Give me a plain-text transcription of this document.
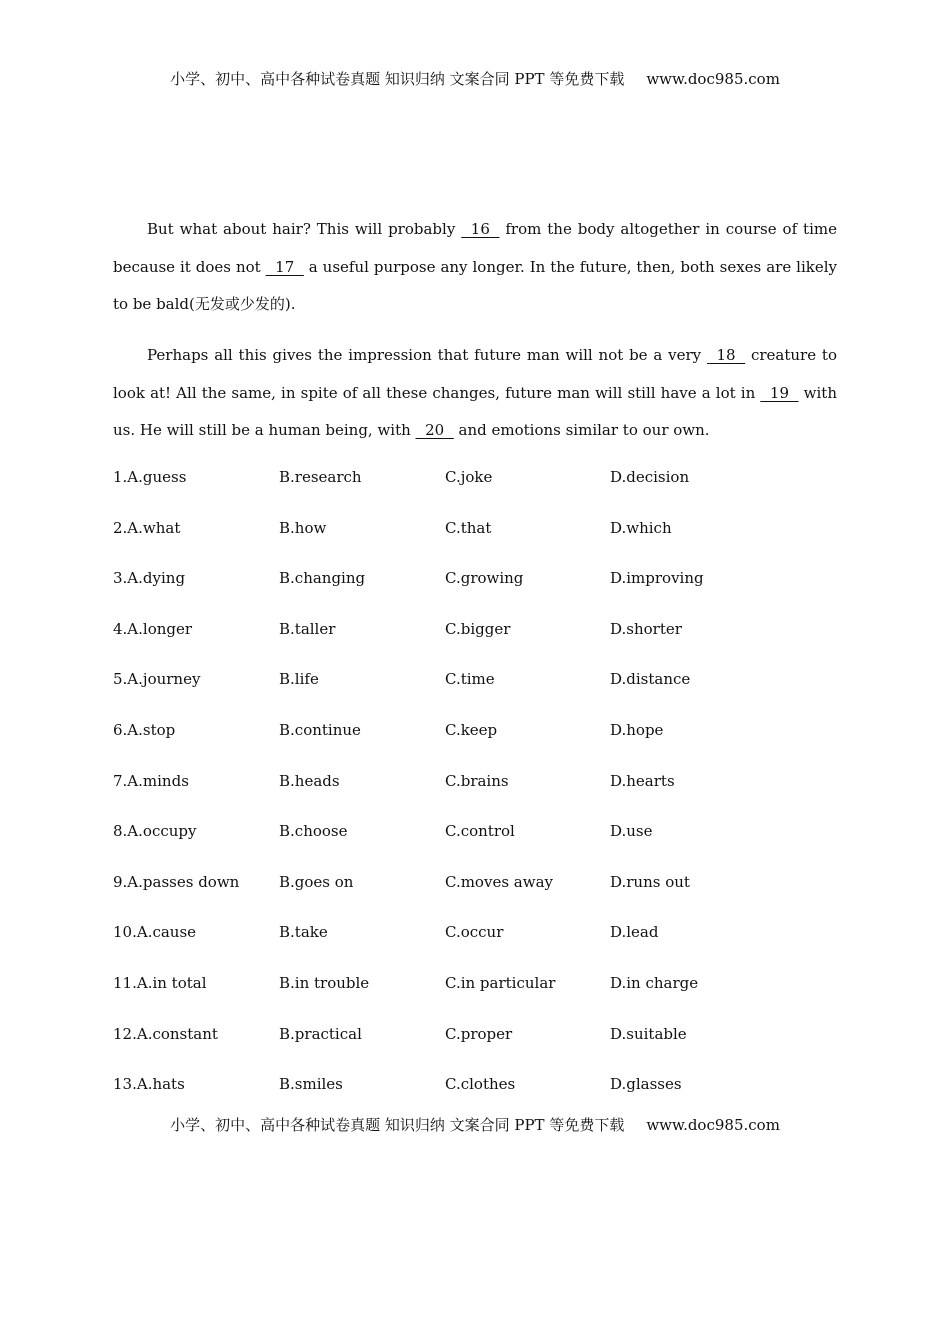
小学、初中、高中各种试卷真题 知识归纳 文案合同 PPT 等免费下载 www.doc985.com

But what about hair? This will probably   16   from the body altogether in course of time because it does not   17   a useful purpose any longer. In the future, then, both sexes are likely to be bald(无发或少发的).

Perhaps all this gives the impression that future man will not be a very   18   creature to look at! All the same, in spite of all these changes, future man will still have a lot in   19   with us. He will still be a human being, with   20   and emotions similar to our own.

1.A.guess	B.research	C.joke	D.decision
2.A.what	B.how	C.that	D.which
3.A.dying	B.changing	C.growing	D.improving
4.A.longer	B.taller	C.bigger	D.shorter
5.A.journey	B.life	C.time	D.distance
6.A.stop	B.continue	C.keep	D.hope
7.A.minds	B.heads	C.brains	D.hearts
8.A.occupy	B.choose	C.control	D.use
9.A.passes down	B.goes on	C.moves away	D.runs out
10.A.cause	B.take	C.occur	D.lead
11.A.in total	B.in trouble	C.in particular	D.in charge
12.A.constant	B.practical	C.proper	D.suitable
13.A.hats	B.smiles	C.clothes	D.glasses
小学、初中、高中各种试卷真题 知识归纳 文案合同 PPT 等免费下载 www.doc985.com
